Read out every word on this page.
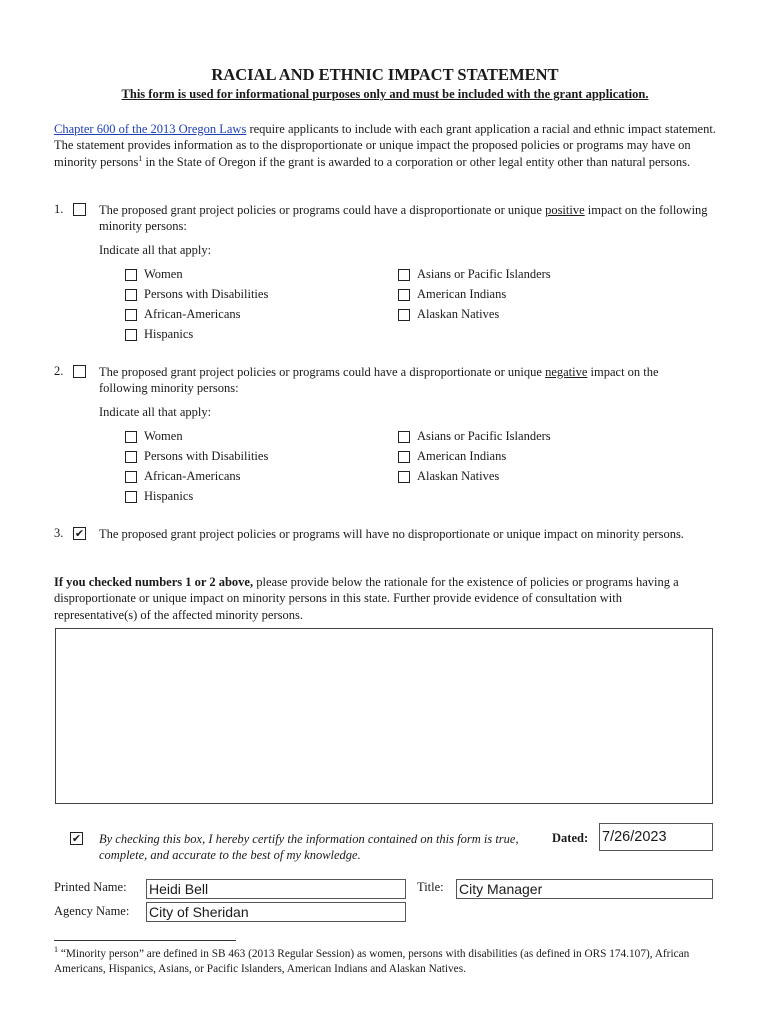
RACIAL AND ETHNIC IMPACT STATEMENT
This form is used for informational purposes only and must be included with the grant application.
Chapter 600 of the 2013 Oregon Laws require applicants to include with each grant application a racial and ethnic impact statement. The statement provides information as to the disproportionate or unique impact the proposed policies or programs may have on minority persons$^1$ in the State of Oregon if the grant is awarded to a corporation or other legal entity other than natural persons.
1.	The proposed grant project policies or programs could have a disproportionate or unique positive impact on the following minority persons:
Indicate all that apply:
Women
Persons with Disabilities
African-Americans
Hispanics
Asians or Pacific Islanders
American Indians
Alaskan Natives
2.	The proposed grant project policies or programs could have a disproportionate or unique negative impact on the following minority persons:
Indicate all that apply:
Women
Persons with Disabilities
African-Americans
Hispanics
Asians or Pacific Islanders
American Indians
Alaskan Natives
3. ✔ The proposed grant project policies or programs will have no disproportionate or unique impact on minority persons.
If you checked numbers 1 or 2 above, please provide below the rationale for the existence of policies or programs having a disproportionate or unique impact on minority persons in this state. Further provide evidence of consultation with representative(s) of the affected minority persons.
✔ By checking this box, I hereby certify the information contained on this form is true, complete, and accurate to the best of my knowledge.
Dated: 7/26/2023
Printed Name: Heidi Bell	Title: City Manager
Agency Name: City of Sheridan
$^1$ “Minority person” are defined in SB 463 (2013 Regular Session) as women, persons with disabilities (as defined in ORS 174.107), African Americans, Hispanics, Asians, or Pacific Islanders, American Indians and Alaskan Natives.
